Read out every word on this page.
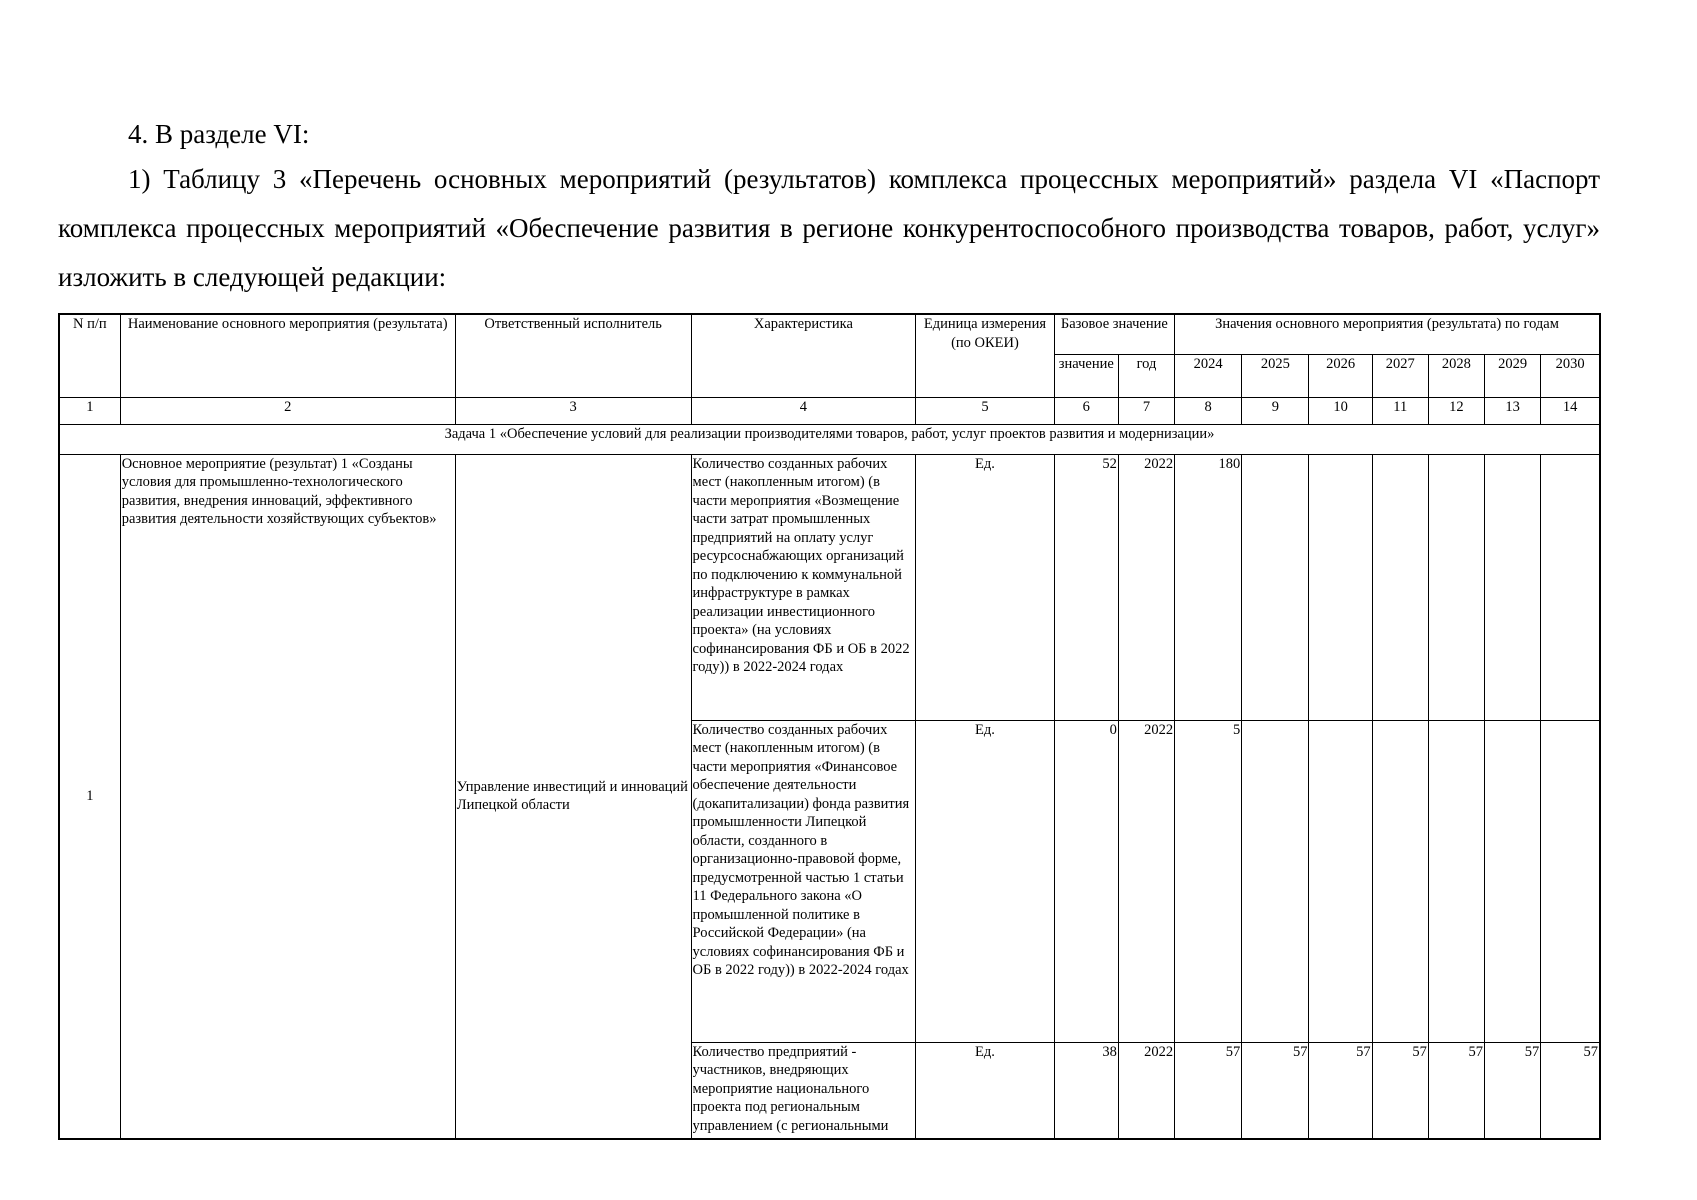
4. В разделе VI:

1) Таблицу 3 «Перечень основных мероприятий (результатов) комплекса процессных мероприятий» раздела VI «Паспорт комплекса процессных мероприятий «Обеспечение развития в регионе конкурентоспособного производства товаров, работ, услуг» изложить в следующей редакции:

N п/п	Наименование основного мероприятия (результата)	Ответственный исполнитель	Характеристика	Единица измерения (по ОКЕИ)	Базовое значение		Значения основного мероприятия (результата) по годам						
					значение	год	2024	2025	2026	2027	2028	2029	2030
1	2	3	4	5	6	7	8	9	10	11	12	13	14
Задача 1 «Обеспечение условий для реализации производителями товаров, работ, услуг проектов развития и модернизации»													
1	Основное мероприятие (результат) 1 «Созданы условия для промышленно-технологического развития, внедрения инноваций, эффективного развития деятельности хозяйствующих субъектов»	Управление инвестиций и инноваций Липецкой области	Количество созданных рабочих мест (накопленным итогом) (в части мероприятия «Возмещение части затрат промышленных предприятий на оплату услуг ресурсоснабжающих организаций по подключению к коммунальной инфраструктуре в рамках реализации инвестиционного проекта» (на условиях софинансирования ФБ и ОБ в 2022 году)) в 2022-2024 годах	Ед.	52	2022	180						
			Количество созданных рабочих мест (накопленным итогом) (в части мероприятия «Финансовое обеспечение деятельности (докапитализации) фонда развития промышленности Липецкой области, созданного в организационно-правовой форме, предусмотренной частью 1 статьи 11 Федерального закона «О промышленной политике в Российской Федерации» (на условиях софинансирования ФБ и ОБ в 2022 году)) в 2022-2024 годах	Ед.	0	2022	5						

			Количество предприятий - участников, внедряющих мероприятие национального проекта под региональным управлением (с региональными	Ед.	38	2022	57	57	57	57	57	57	57
